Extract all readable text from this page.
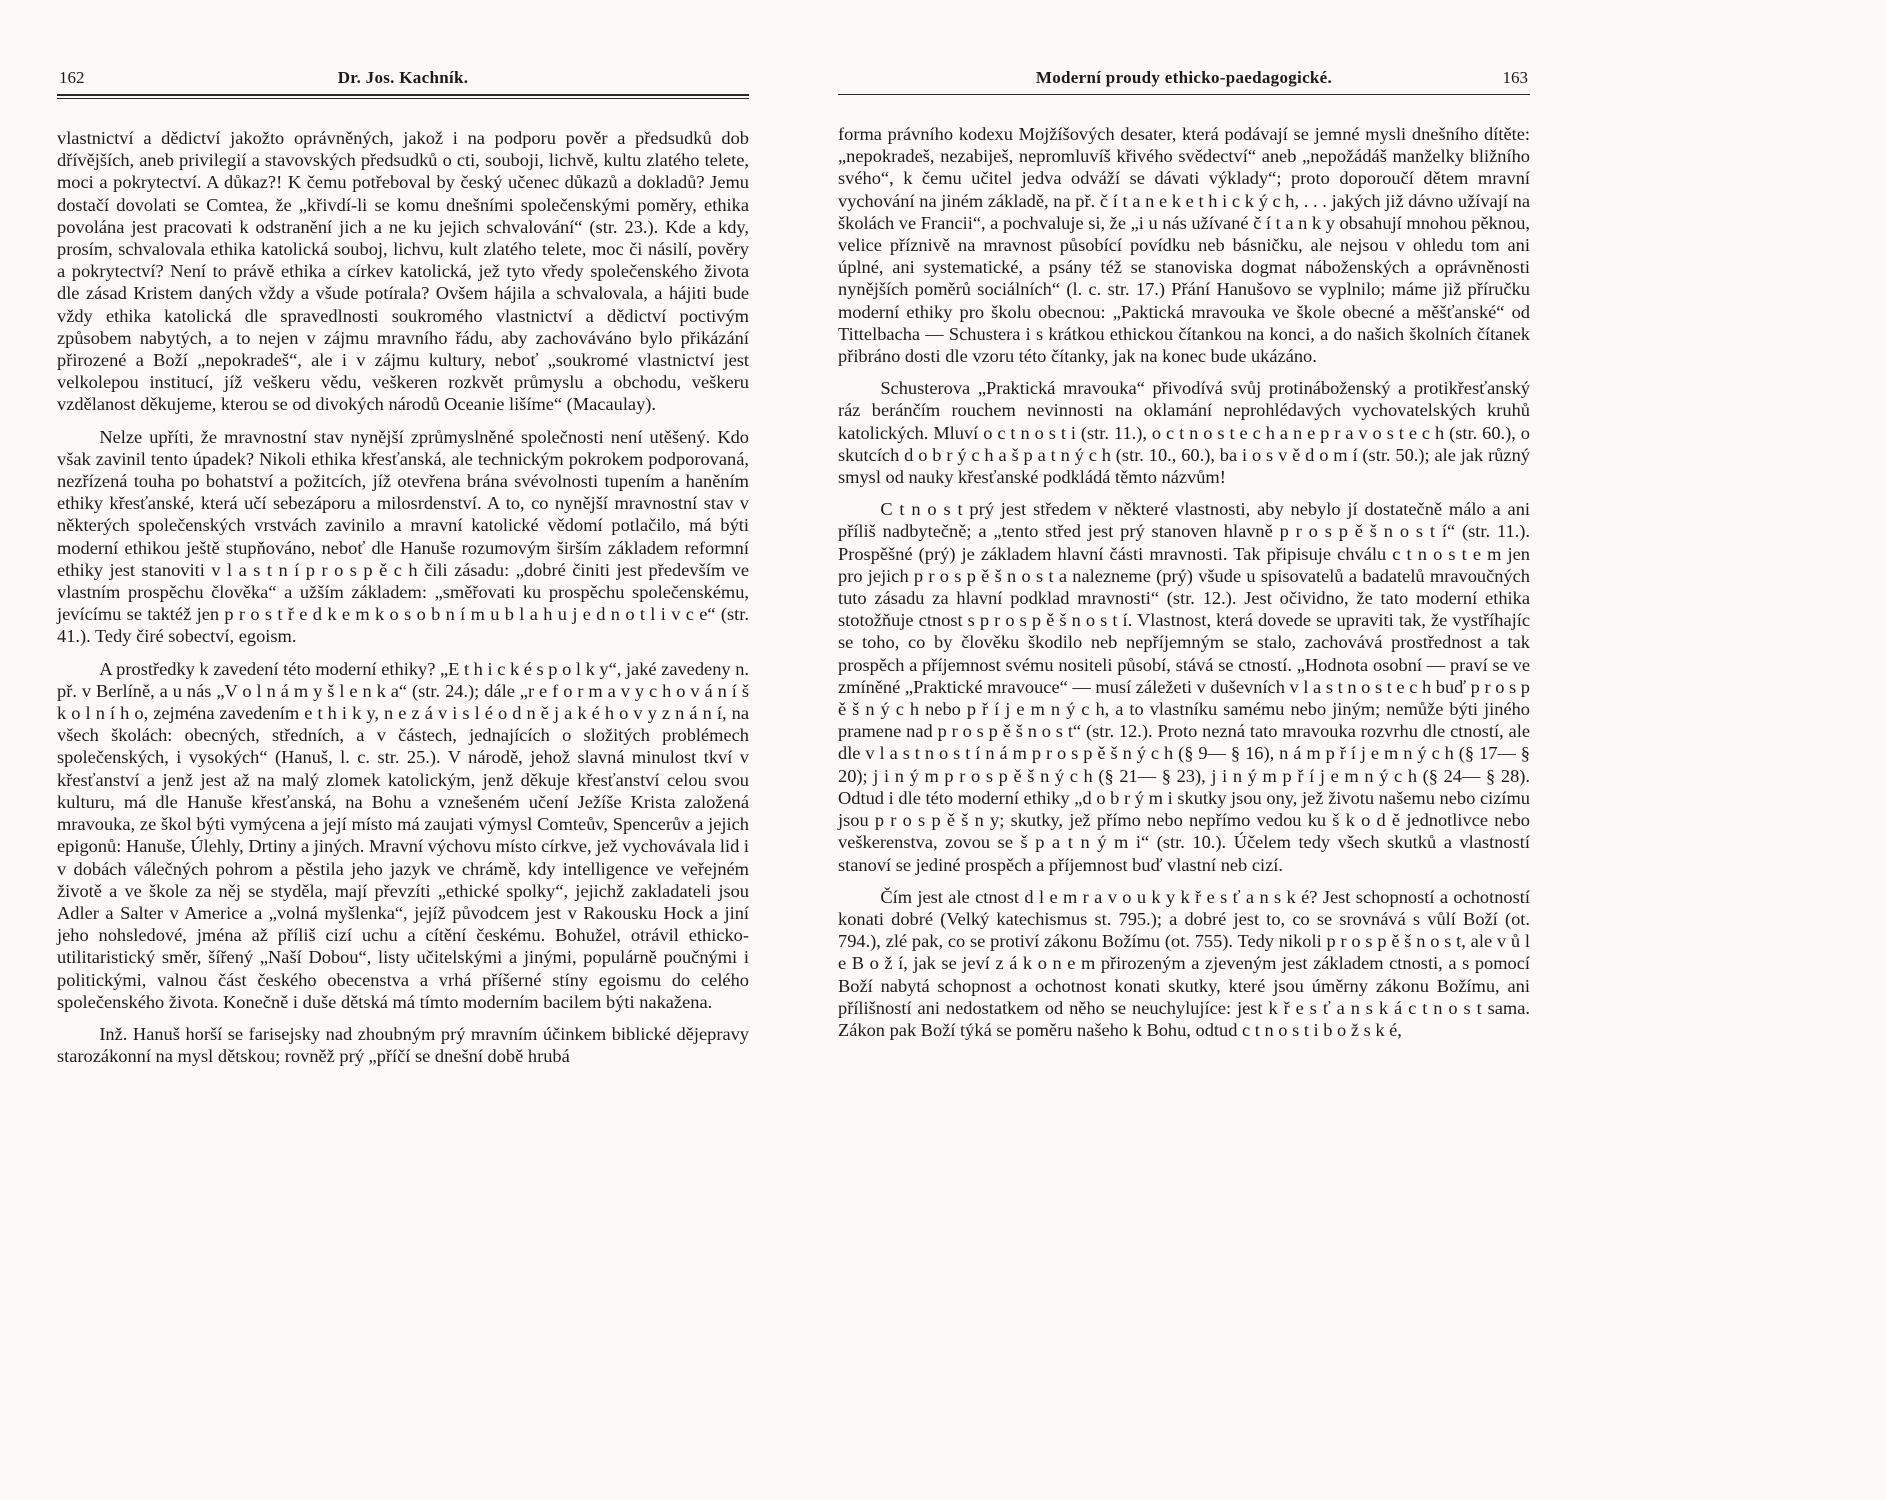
162	Dr. Jos. Kachník.

vlastnictví a dědictví jakožto oprávněných, jakož i na podporu pověr a předsudků dob dřívějších, aneb privilegií a stavovských předsudků o cti, souboji, lichvě, kultu zlatého telete, moci a pokrytectví. A důkaz?! K čemu potřeboval by český učenec důkazů a dokladů? Jemu dostačí dovolati se Comtea, že „křivdí-li se komu dnešními společenskými poměry, ethika povolána jest pracovati k odstranění jich a ne ku jejich schvalování“ (str. 23.). Kde a kdy, prosím, schvalovala ethika katolická souboj, lichvu, kult zlatého telete, moc či násilí, pověry a pokrytectví? Není to právě ethika a církev katolická, jež tyto vředy společenského života dle zásad Kristem daných vždy a všude potírala? Ovšem hájila a schvalovala, a hájiti bude vždy ethika katolická dle spravedlnosti soukromého vlastnictví a dědictví poctivým způsobem nabytých, a to nejen v zájmu mravního řádu, aby zachováváno bylo přikázání přirozené a Boží „nepokradeš“, ale i v zájmu kultury, neboť „soukromé vlastnictví jest velkolepou institucí, jíž veškeru vědu, veškeren rozkvět průmyslu a obchodu, veškeru vzdělanost děkujeme, kterou se od divokých národů Oceanie lišíme“ (Macaulay).

Nelze upříti, že mravnostní stav nynější zprůmyslněné společnosti není utěšený. Kdo však zavinil tento úpadek? Nikoli ethika křesťanská, ale technickým pokrokem podporovaná, nezřízená touha po bohatství a požitcích, jíž otevřena brána svévolnosti tupením a haněním ethiky křesťanské, která učí sebezáporu a milosrdenství. A to, co nynější mravnostní stav v některých společenských vrstvách zavinilo a mravní katolické vědomí potlačilo, má býti moderní ethikou ještě stupňováno, neboť dle Hanuše rozumovým širším základem reformní ethiky jest stanoviti v l a s t n í p r o s p ě c h čili zásadu: „dobré činiti jest především ve vlastním prospěchu člověka“ a užším základem: „směřovati ku prospěchu společenskému, jevícímu se taktéž jen p r o s t ř e d k e m k o s o b n í m u b l a h u j e d n o t l i v c e“ (str. 41.). Tedy čiré sobectví, egoism.

A prostředky k zavedení této moderní ethiky? „E t h i c k é s p o l k y“, jaké zavedeny n. př. v Berlíně, a u nás „V o l n á m y š l e n k a“ (str. 24.); dále „r e f o r m a v y c h o v á n í š k o l n í h o, zejména zavedením e t h i k y, n e z á v i s l é o d n ě j a k é h o v y z n á n í, na všech školách: obecných, středních, a v částech, jednajících o složitých problémech společenských, i vysokých“ (Hanuš, l. c. str. 25.). V národě, jehož slavná minulost tkví v křesťanství a jenž jest až na malý zlomek katolickým, jenž děkuje křesťanství celou svou kulturu, má dle Hanuše křesťanská, na Bohu a vznešeném učení Ježíše Krista založená mravouka, ze škol býti vymýcena a její místo má zaujati výmysl Comteův, Spencerův a jejich epigonů: Hanuše, Úlehly, Drtiny a jiných. Mravní výchovu místo církve, jež vychovávala lid i v dobách válečných pohrom a pěstila jeho jazyk ve chrámě, kdy intelligence ve veřejném životě a ve škole za něj se styděla, mají převzíti „ethické spolky“, jejichž zakladateli jsou Adler a Salter v Americe a „volná myšlenka“, jejíž původcem jest v Rakousku Hock a jiní jeho nohsledové, jména až příliš cizí uchu a cítění českému. Bohužel, otrávil ethicko-utilitaristický směr, šířený „Naší Dobou“, listy učitelskými a jinými, populárně poučnými i politickými, valnou část českého obecenstva a vrhá příšerné stíny egoismu do celého společenského života. Konečně i duše dětská má tímto moderním bacilem býti nakažena.

Inž. Hanuš horší se farisejsky nad zhoubným prý mravním účinkem biblické dějepravy starozákonní na mysl dětskou; rovněž prý „příčí se dnešní době hrubá

Moderní proudy ethicko-paedagogické.	163

forma právního kodexu Mojžíšových desater, která podávají se jemné mysli dnešního dítěte: „nepokradeš, nezabiješ, nepromluvíš křivého svědectví“ aneb „nepožádáš manželky bližního svého“, k čemu učitel jedva odváží se dávati výklady“; proto doporoučí dětem mravní vychování na jiném základě, na př. č í t a n e k e t h i c k ý c h, . . . jakých již dávno užívají na školách ve Francii“, a pochvaluje si, že „i u nás užívané č í t a n k y obsahují mnohou pěknou, velice příznivě na mravnost působící povídku neb básničku, ale nejsou v ohledu tom ani úplné, ani systematické, a psány též se stanoviska dogmat náboženských a oprávněnosti nynějších poměrů sociálních“ (l. c. str. 17.) Přání Hanušovo se vyplnilo; máme již příručku moderní ethiky pro školu obecnou: „Paktická mravouka ve škole obecné a měšťanské“ od Tittelbacha — Schustera i s krátkou ethickou čítankou na konci, a do našich školních čítanek přibráno dosti dle vzoru této čítanky, jak na konec bude ukázáno.

Schusterova „Praktická mravouka“ přivodívá svůj protináboženský a protikřesťanský ráz beránčím rouchem nevinnosti na oklamání neprohlédavých vychovatelských kruhů katolických. Mluví o c t n o s t i (str. 11.), o c t n o s t e c h a n e p r a v o s t e c h (str. 60.), o skutcích d o b r ý c h a š p a t n ý c h (str. 10., 60.), ba i o s v ě d o m í (str. 50.); ale jak různý smysl od nauky křesťanské podkládá těmto názvům!

C t n o s t prý jest středem v některé vlastnosti, aby nebylo jí dostatečně málo a ani příliš nadbytečně; a „tento střed jest prý stanoven hlavně p r o s p ě š n o s t í“ (str. 11.). Prospěšné (prý) je základem hlavní části mravnosti. Tak připisuje chválu c t n o s t e m jen pro jejich p r o s p ě š n o s t a nalezneme (prý) všude u spisovatelů a badatelů mravoučných tuto zásadu za hlavní podklad mravnosti“ (str. 12.). Jest očividno, že tato moderní ethika stotožňuje ctnost s p r o s p ě š n o s t í. Vlastnost, která dovede se upraviti tak, že vystříhajíc se toho, co by člověku škodilo neb nepříjemným se stalo, zachovává prostřednost a tak prospěch a příjemnost svému nositeli působí, stává se ctností. „Hodnota osobní — praví se ve zmíněné „Praktické mravouce“ — musí záležeti v duševních v l a s t n o s t e c h buď p r o s p ě š n ý c h nebo p ř í j e m n ý c h, a to vlastníku samému nebo jiným; nemůže býti jiného pramene nad p r o s p ě š n o s t“ (str. 12.). Proto nezná tato mravouka rozvrhu dle ctností, ale dle v l a s t n o s t í n á m p r o s p ě š n ý c h (§ 9— § 16), n á m p ř í j e m n ý c h (§ 17— § 20); j i n ý m p r o s p ě š n ý c h (§ 21— § 23), j i n ý m p ř í j e m n ý c h (§ 24— § 28). Odtud i dle této moderní ethiky „d o b r ý m i skutky jsou ony, jež životu našemu nebo cizímu jsou p r o s p ě š n y; skutky, jež přímo nebo nepřímo vedou ku š k o d ě jednotlivce nebo veškerenstva, zovou se š p a t n ý m i“ (str. 10.). Účelem tedy všech skutků a vlastností stanoví se jediné prospěch a příjemnost buď vlastní neb cizí.

Čím jest ale ctnost d l e m r a v o u k y k ř e s ť a n s k é? Jest schopností a ochotností konati dobré (Velký katechismus st. 795.); a dobré jest to, co se srovnává s vůlí Boží (ot. 794.), zlé pak, co se protiví zákonu Božímu (ot. 755). Tedy nikoli p r o s p ě š n o s t, ale v ů l e B o ž í, jak se jeví z á k o n e m přirozeným a zjeveným jest základem ctnosti, a s pomocí Boží nabytá schopnost a ochotnost konati skutky, které jsou úměrny zákonu Božímu, ani přílišností ani nedostatkem od něho se neuchylujíce: jest k ř e s ť a n s k á c t n o s t sama. Zákon pak Boží týká se poměru našeho k Bohu, odtud c t n o s t i b o ž s k é,
